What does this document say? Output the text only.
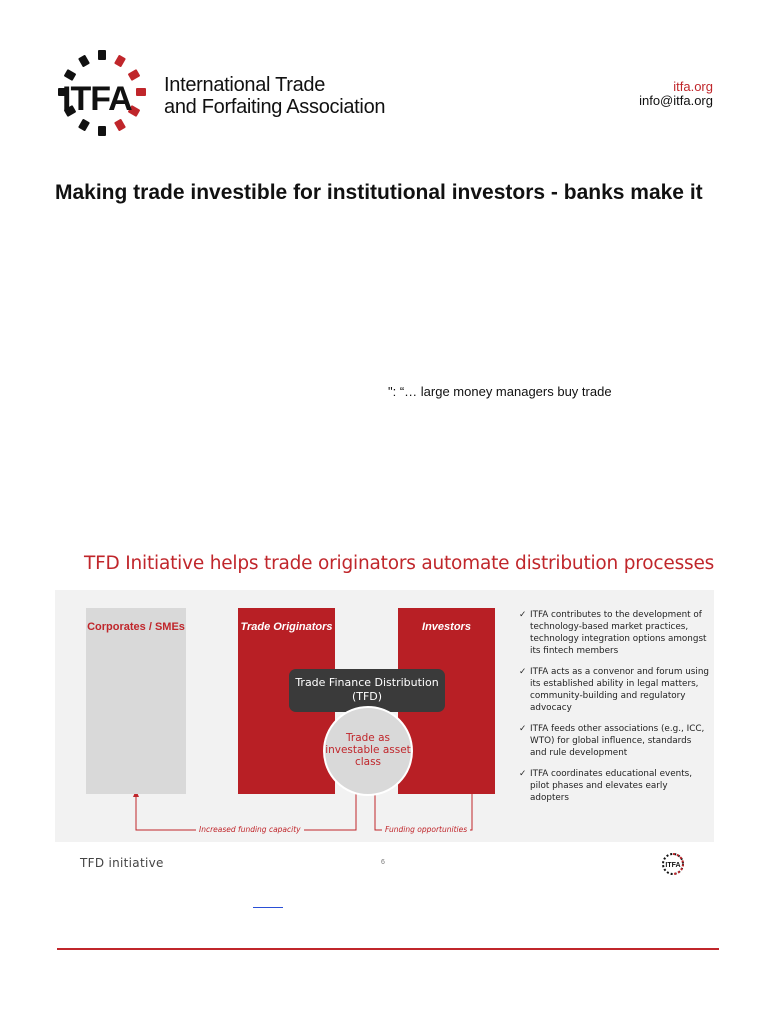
ITFA International Trade
and Forfaiting Association
itfa.org
info@itfa.org
Making trade investible for institutional investors - banks make it
": “… large money managers buy trade
TFD Initiative helps trade originators automate distribution processes
Corporates / SMEs	Trade Originators	Investors
Trade Finance Distribution
(TFD)
Trade as investable asset class
Increased funding capacity	Funding opportunities
✓ ITFA contributes to the development of technology-based market practices, technology integration options amongst its fintech members
✓ ITFA acts as a convenor and forum using its established ability in legal matters, community-building and regulatory advocacy
✓ ITFA feeds other associations (e.g., ICC, WTO) for global influence, standards and rule development
✓ ITFA coordinates educational events, pilot phases and elevates early adopters
TFD initiative	6	ITFA
